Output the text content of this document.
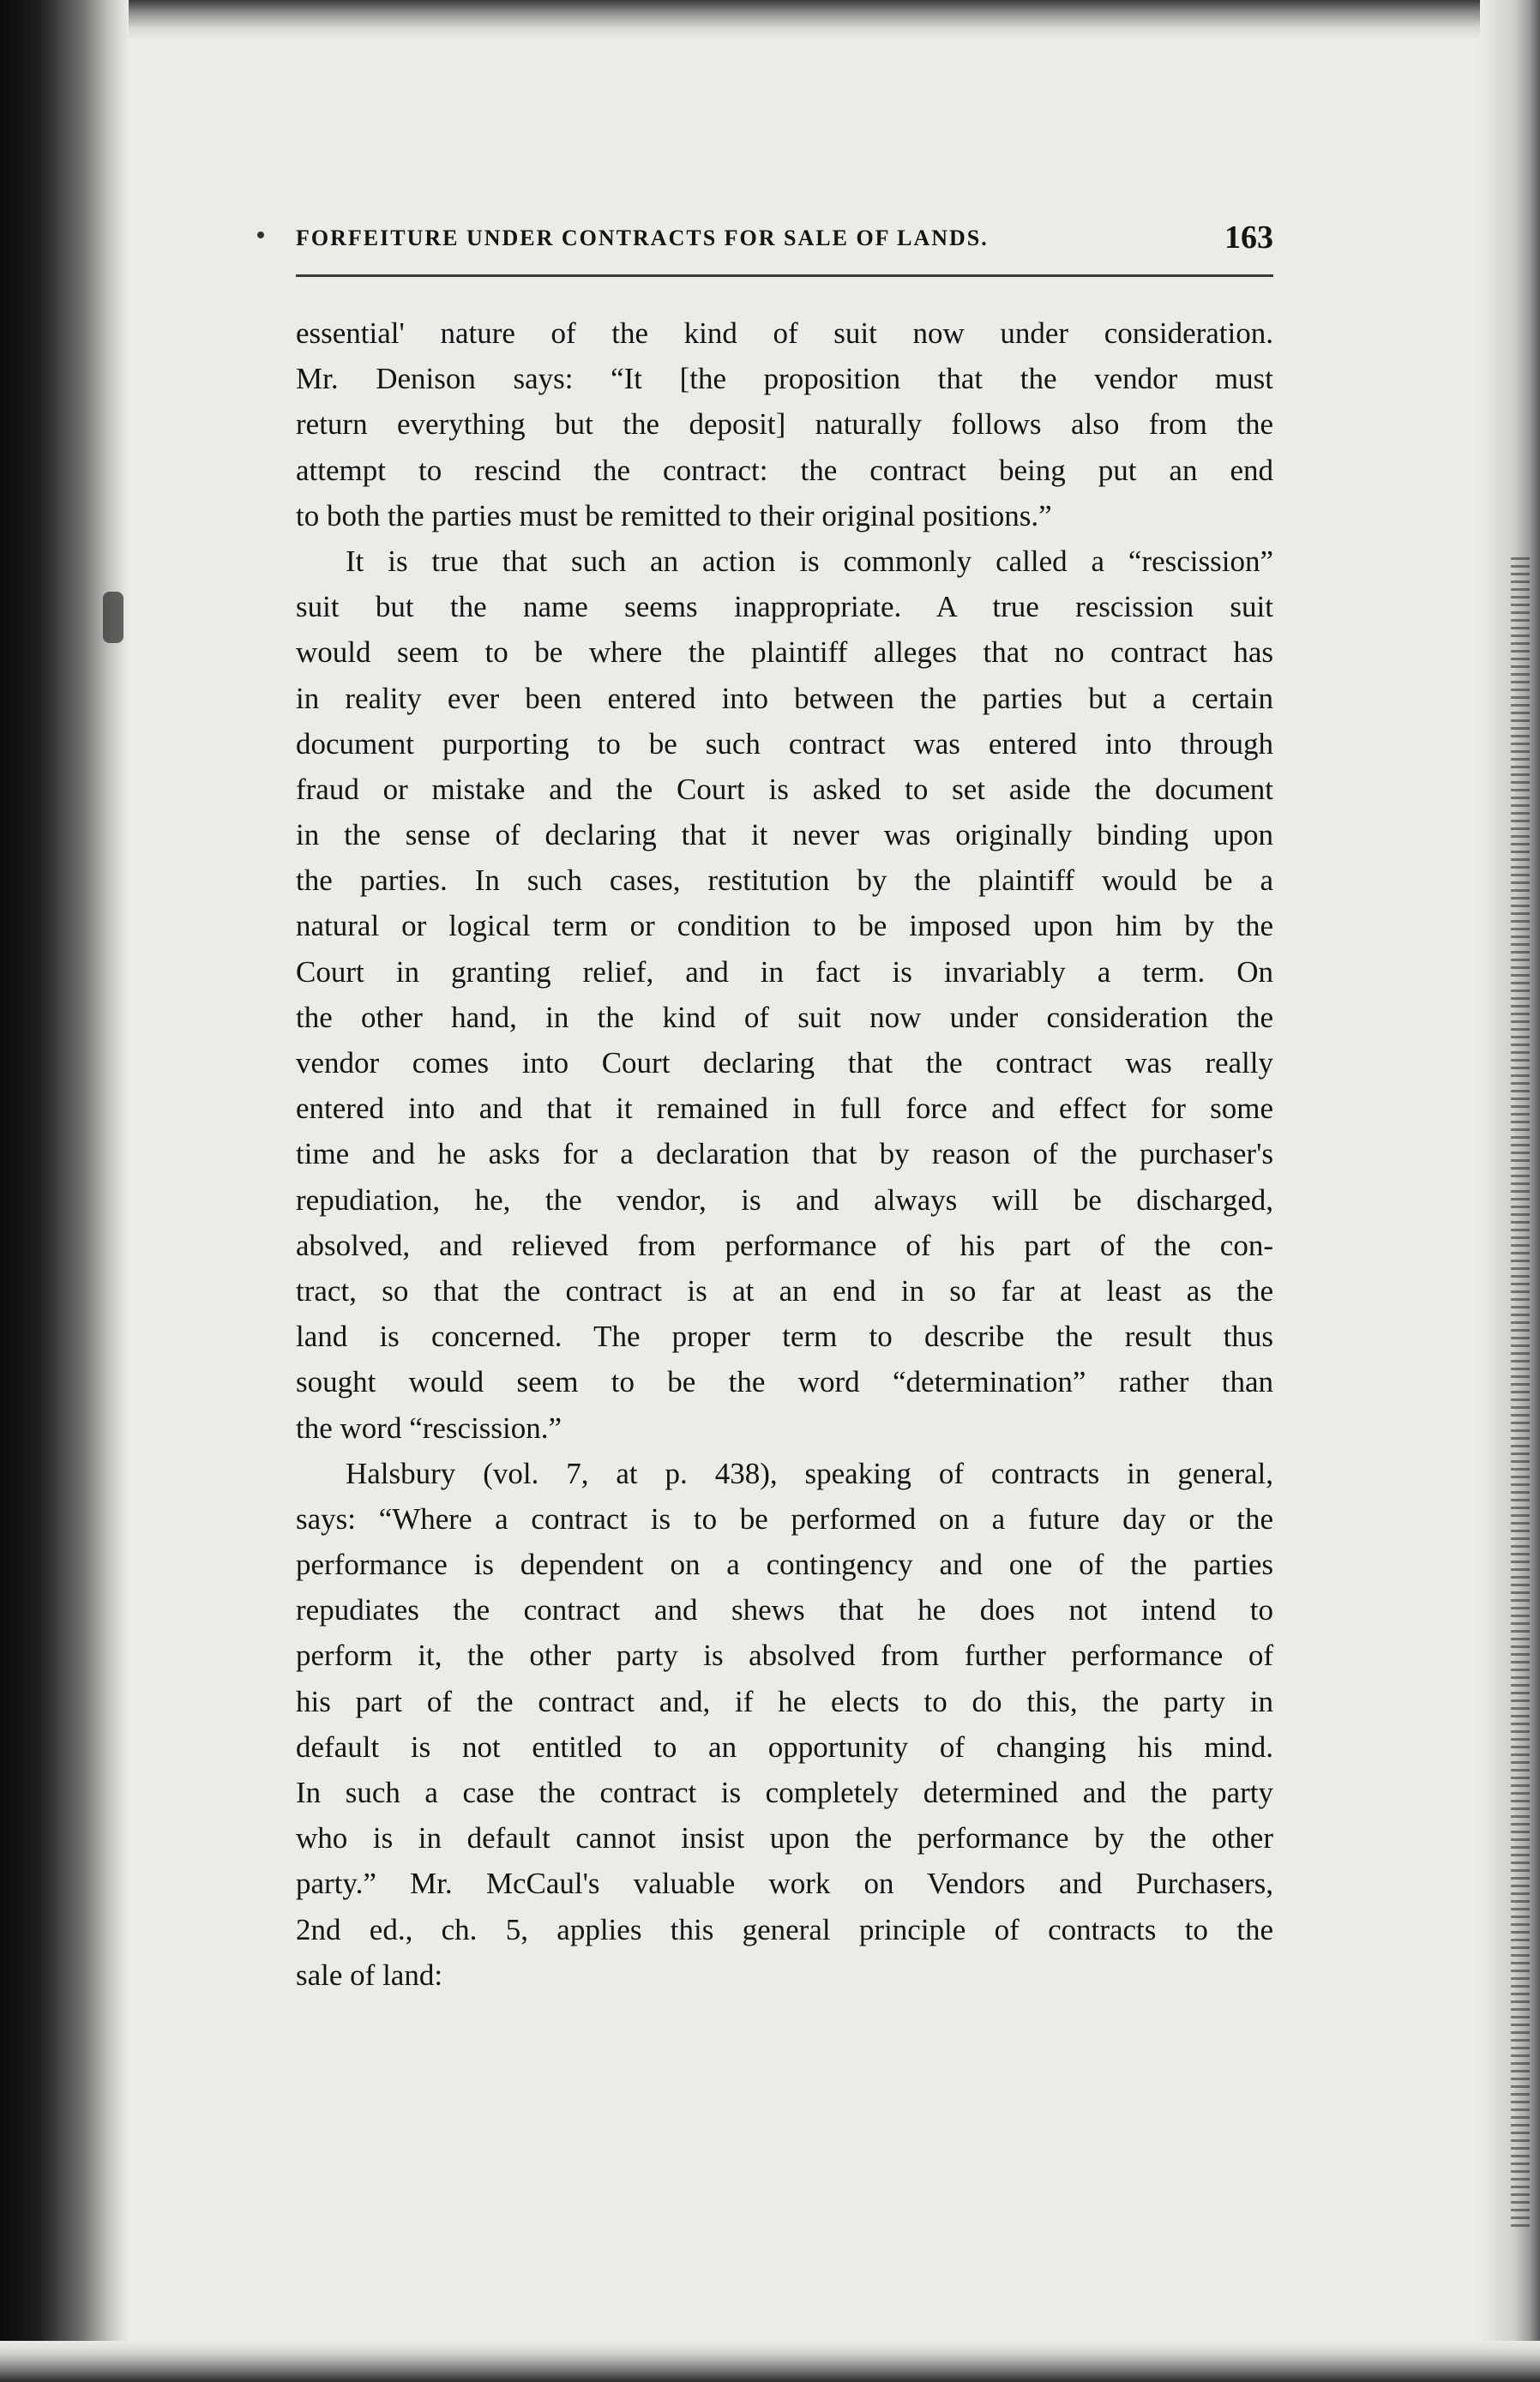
FORFEITURE UNDER CONTRACTS FOR SALE OF LANDS.	163
essential' nature of the kind of suit now under consideration.
Mr. Denison says: “It [the proposition that the vendor must
return everything but the deposit] naturally follows also from the
attempt to rescind the contract: the contract being put an end
to both the parties must be remitted to their original positions.”
It is true that such an action is commonly called a “rescission”
suit but the name seems inappropriate. A true rescission suit
would seem to be where the plaintiff alleges that no contract has
in reality ever been entered into between the parties but a certain
document purporting to be such contract was entered into through
fraud or mistake and the Court is asked to set aside the document
in the sense of declaring that it never was originally binding upon
the parties. In such cases, restitution by the plaintiff would be a
natural or logical term or condition to be imposed upon him by the
Court in granting relief, and in fact is invariably a term. On
the other hand, in the kind of suit now under consideration the
vendor comes into Court declaring that the contract was really
entered into and that it remained in full force and effect for some
time and he asks for a declaration that by reason of the purchaser's
repudiation, he, the vendor, is and always will be discharged,
absolved, and relieved from performance of his part of the con-
tract, so that the contract is at an end in so far at least as the
land is concerned. The proper term to describe the result thus
sought would seem to be the word “determination” rather than
the word “rescission.”
Halsbury (vol. 7, at p. 438), speaking of contracts in general,
says: “Where a contract is to be performed on a future day or the
performance is dependent on a contingency and one of the parties
repudiates the contract and shews that he does not intend to
perform it, the other party is absolved from further performance of
his part of the contract and, if he elects to do this, the party in
default is not entitled to an opportunity of changing his mind.
In such a case the contract is completely determined and the party
who is in default cannot insist upon the performance by the other
party.” Mr. McCaul's valuable work on Vendors and Purchasers,
2nd ed., ch. 5, applies this general principle of contracts to the
sale of land:
